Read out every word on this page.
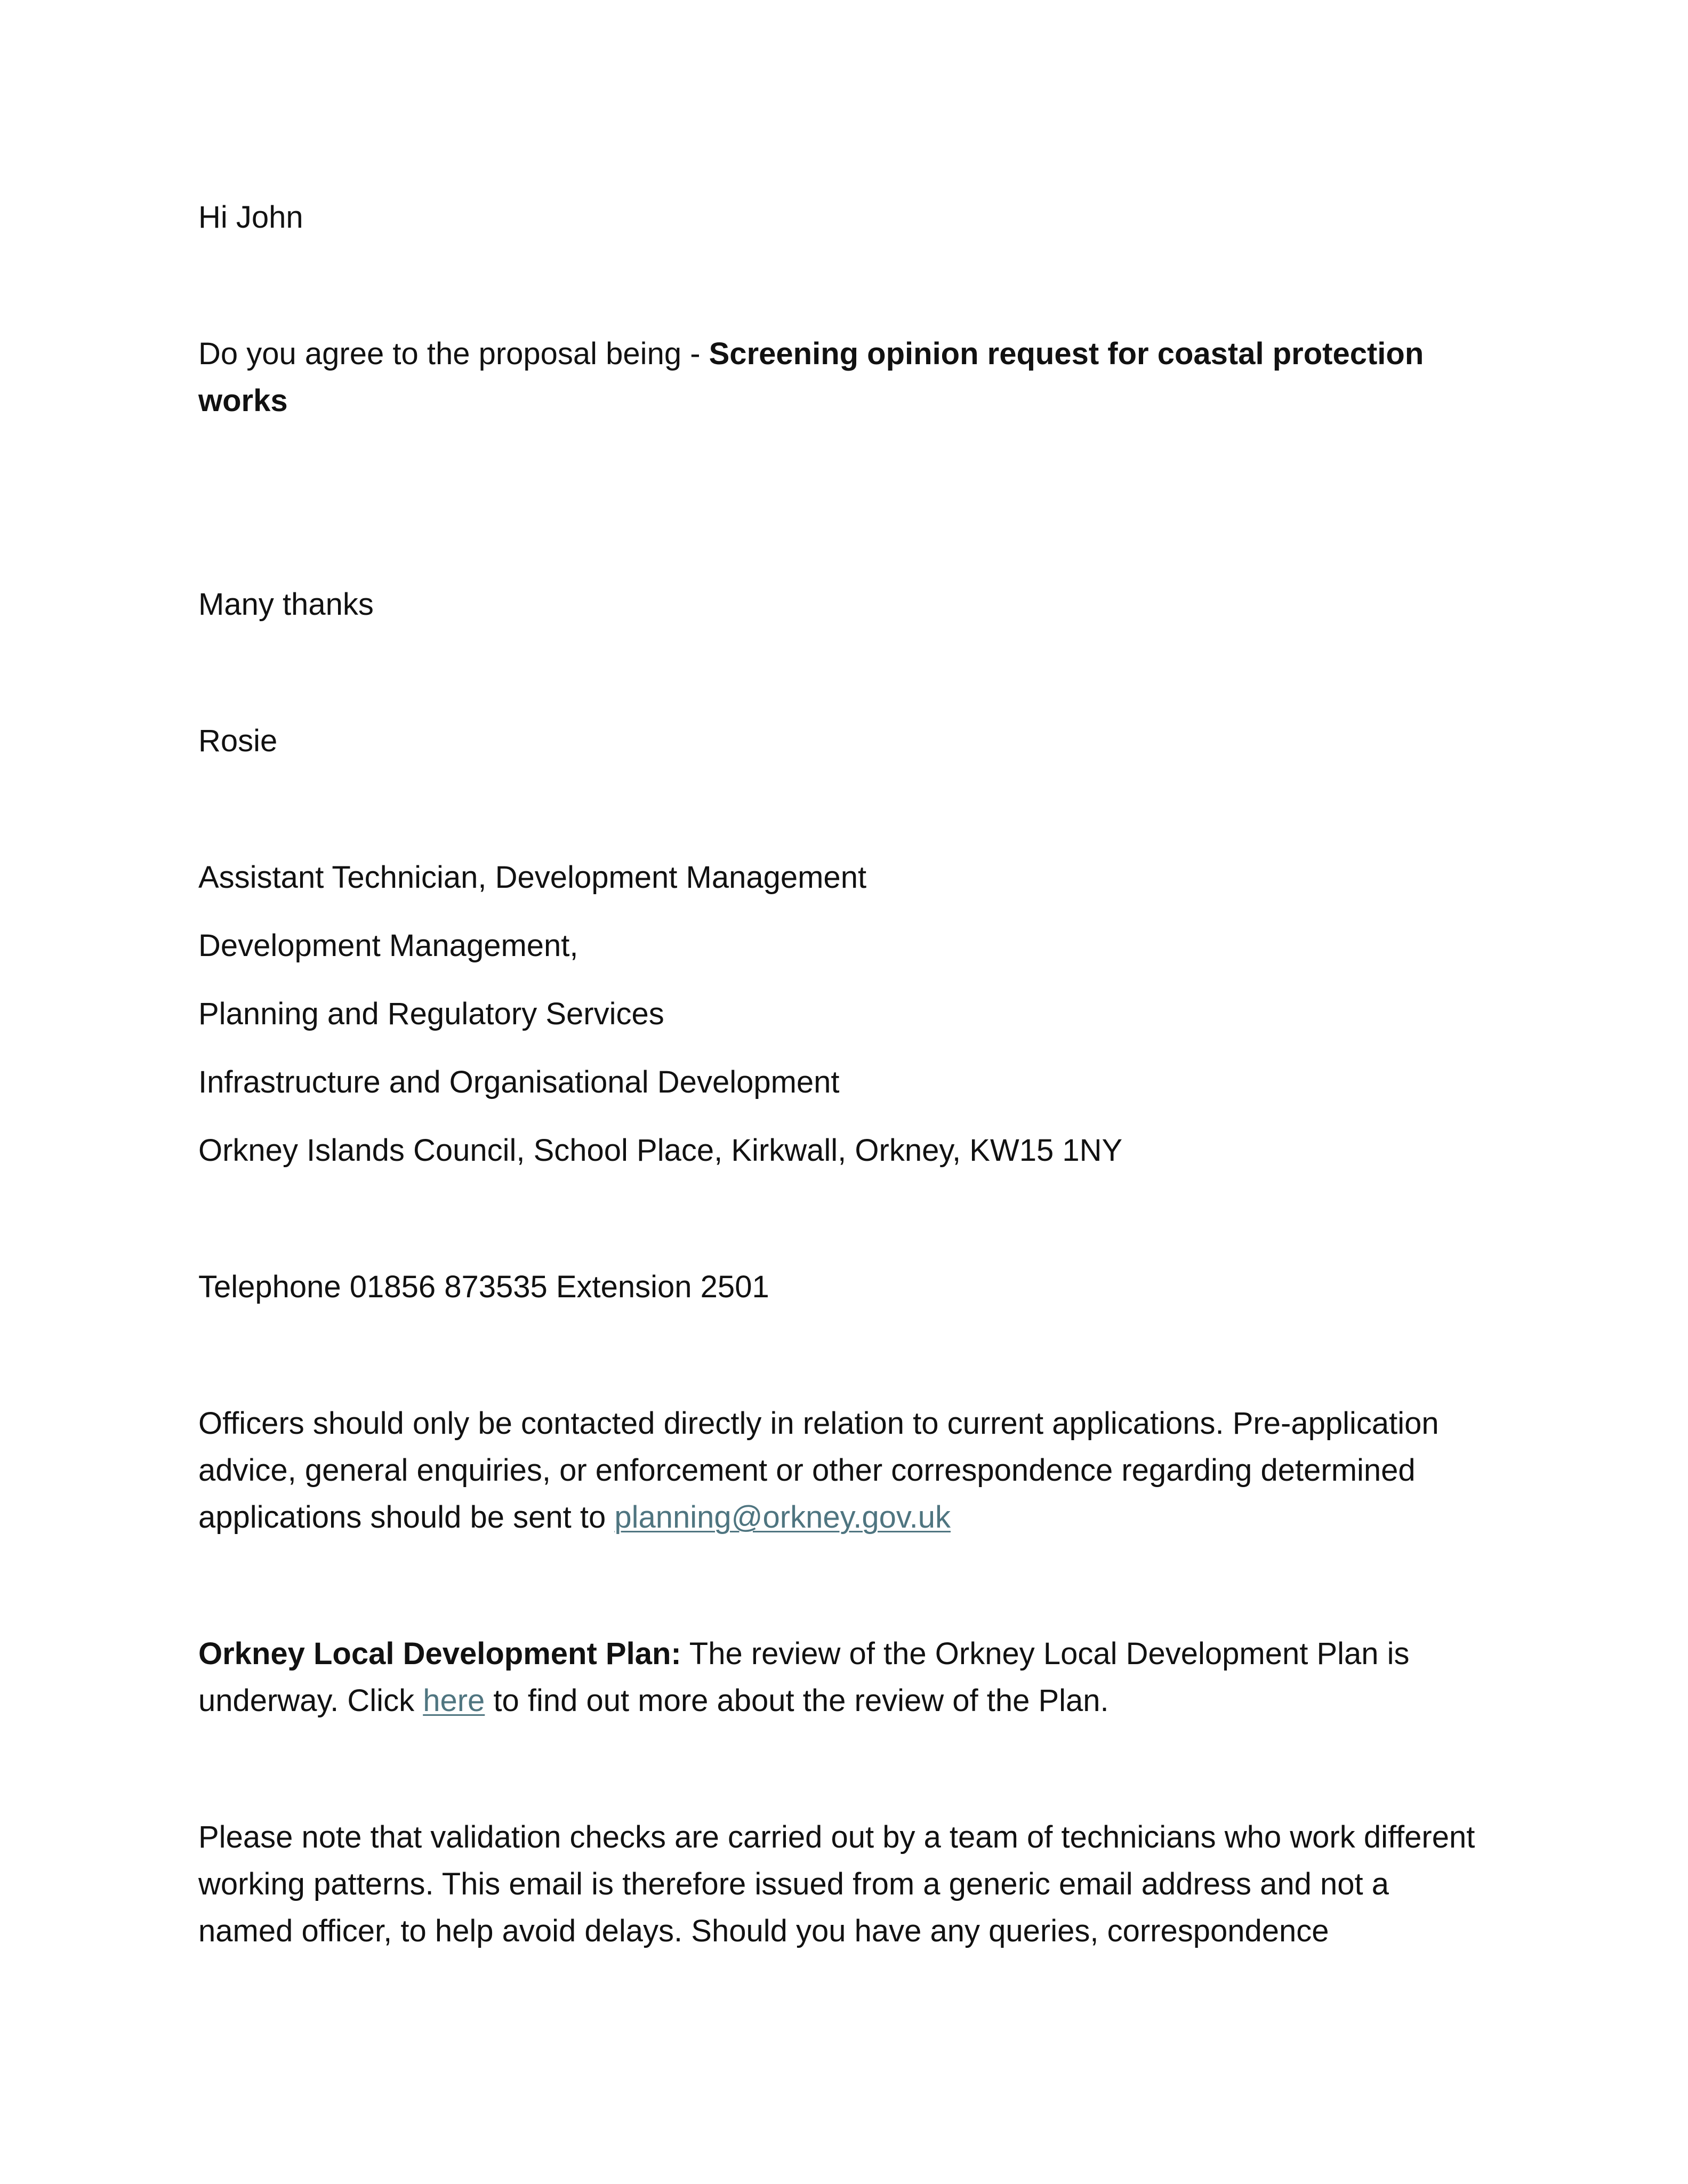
Hi John
Do you agree to the proposal being - Screening opinion request for coastal protection works
Many thanks
Rosie
Assistant Technician, Development Management
Development Management,
Planning and Regulatory Services
Infrastructure and Organisational Development
Orkney Islands Council, School Place, Kirkwall, Orkney, KW15 1NY
Telephone 01856 873535 Extension 2501
Officers should only be contacted directly in relation to current applications. Pre-application advice, general enquiries, or enforcement or other correspondence regarding determined applications should be sent to planning@orkney.gov.uk
Orkney Local Development Plan: The review of the Orkney Local Development Plan is underway. Click here to find out more about the review of the Plan.
Please note that validation checks are carried out by a team of technicians who work different working patterns. This email is therefore issued from a generic email address and not a named officer, to help avoid delays. Should you have any queries, correspondence
